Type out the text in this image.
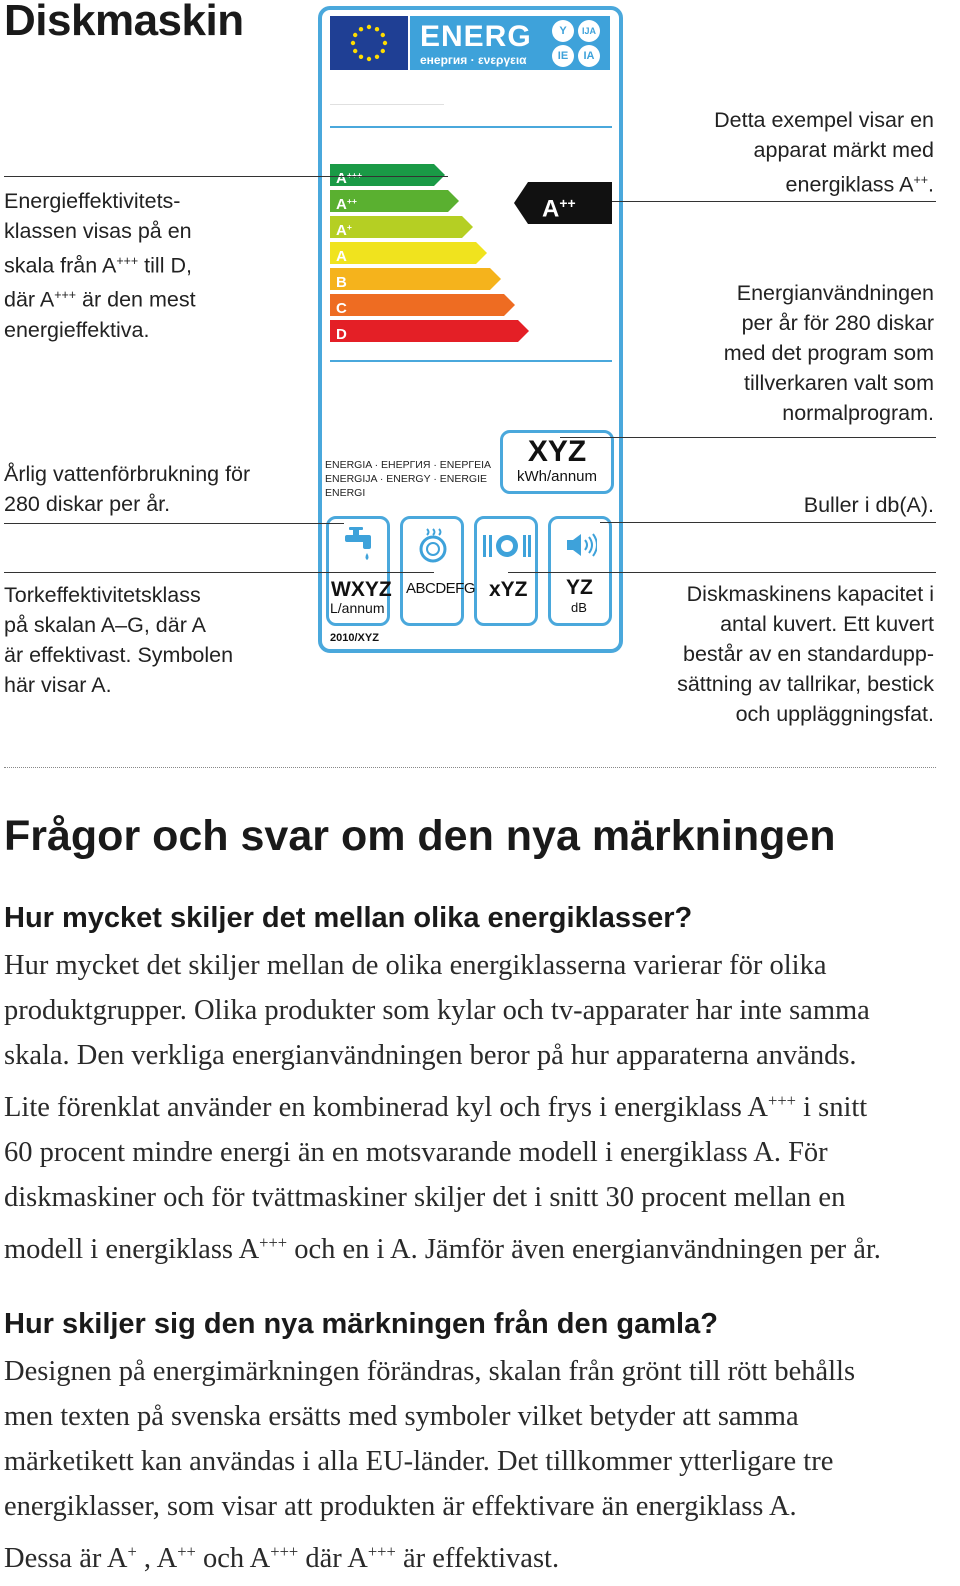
Diskmaskin	ENERG
енергия · ενεργεια
Y	IJA
IE	IA
A+++
A++
A+
A
B
C
D
A++
ENERGIA · ЕНЕРГИЯ · ΕΝΕΡΓΕΙΑ
ENERGIJA · ENERGY · ENERGIE
ENERGI
XYZ
kWh/annum
WXYZ
L/annum
ABCDEFG xYZ YZ
dB
2010/XYZ
Energieffektivitets-
klassen visas på en
skala från A+++ till D,
där A+++ är den mest
energieffektiva.
Årlig vattenförbrukning för
280 diskar per år.
Torkeffektivitetsklass
på skalan A–G, där A
är effektivast. Symbolen
här visar A.
Detta exempel visar en
apparat märkt med
energiklass A++.
Energianvändningen
per år för 280 diskar
med det program som
tillverkaren valt som
normalprogram.
Buller i db(A).
Diskmaskinens kapacitet i
antal kuvert. Ett kuvert
består av en standardupp-
sättning av tallrikar, bestick
och uppläggningsfat.
Frågor och svar om den nya märkningen
Hur mycket skiljer det mellan olika energiklasser?

Hur mycket det skiljer mellan de olika energiklasserna varierar för olika

produktgrupper. Olika produkter som kylar och tv-apparater har inte samma

skala. Den verkliga energianvändningen beror på hur apparaterna används.

Lite förenklat använder en kombinerad kyl och frys i energiklass A+++ i snitt

60 procent mindre energi än en motsvarande modell i energiklass A. För

diskmaskiner och för tvättmaskiner skiljer det i snitt 30 procent mellan en

modell i energiklass A+++ och en i A. Jämför även energianvändningen per år.

Hur skiljer sig den nya märkningen från den gamla?

Designen på energimärkningen förändras, skalan från grönt till rött behålls

men texten på svenska ersätts med symboler vilket betyder att samma

märketikett kan användas i alla EU-länder. Det tillkommer ytterligare tre

energiklasser, som visar att produkten är effektivare än energiklass A.

Dessa är A+ , A++ och A+++ där A+++ är effektivast.
